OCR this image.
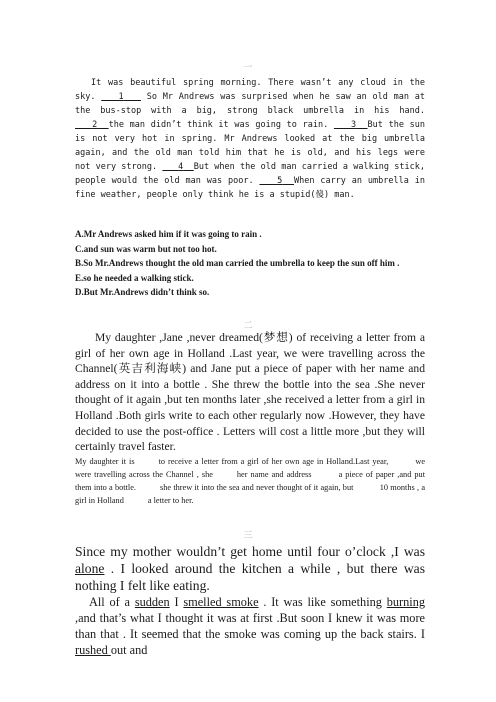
一

It was beautiful spring morning. There wasn’t any cloud in the sky.    1    So Mr Andrews was surprised when he saw an old man at the bus-stop with a big, strong black umbrella in his hand.    2 the man didn’t think it was going to rain.    3 But the sun is not very hot in spring. Mr Andrews looked at the big umbrella again, and the old man told him that he is old, and his legs were not very strong.    4 But when the old man carried a walking stick, people would the old man was poor.    5 When carry an umbrella in fine weather, people only think he is a stupid(傻) man.

A.Mr Andrews asked him if it was going to rain .

C.and sun was warm but not too hot.

B.So Mr.Andrews thought the old man carried the umbrella to keep the sun off him .

E.so he needed a walking stick.

D.But Mr.Andrews didn’t think so.

二

My daughter ,Jane ,never dreamed(梦想) of receiving a letter from a girl of her own age in Holland .Last year, we were travelling across the Channel(英吉利海峡) and Jane put a piece of paper with her name and address on it into a bottle . She threw the bottle into the sea .She never thought of it again ,but ten months later ,she received a letter from a girl in Holland .Both girls write to each other regularly now .However, they have decided to use the post-office . Letters will cost a little more ,but they will certainly travel faster.

My daughter it is	to receive a letter from a girl of her own age in Holland.Last year,	we were travelling across the Channel , she	her name and address	a piece of paper ,and put them into a bottle.	she threw it into the sea and never thought of it again, but	10 months , a girl in Holland	a letter to her.

三

Since my mother wouldn’t get home until four o’clock ,I was alone . I looked around the kitchen a while , but there was nothing I felt like eating.

All of a sudden I smelled smoke . It was like something burning ,and that’s what I thought it was at first .But soon I knew it was more than that . It seemed that the smoke was coming up the back stairs. I rushed out and
